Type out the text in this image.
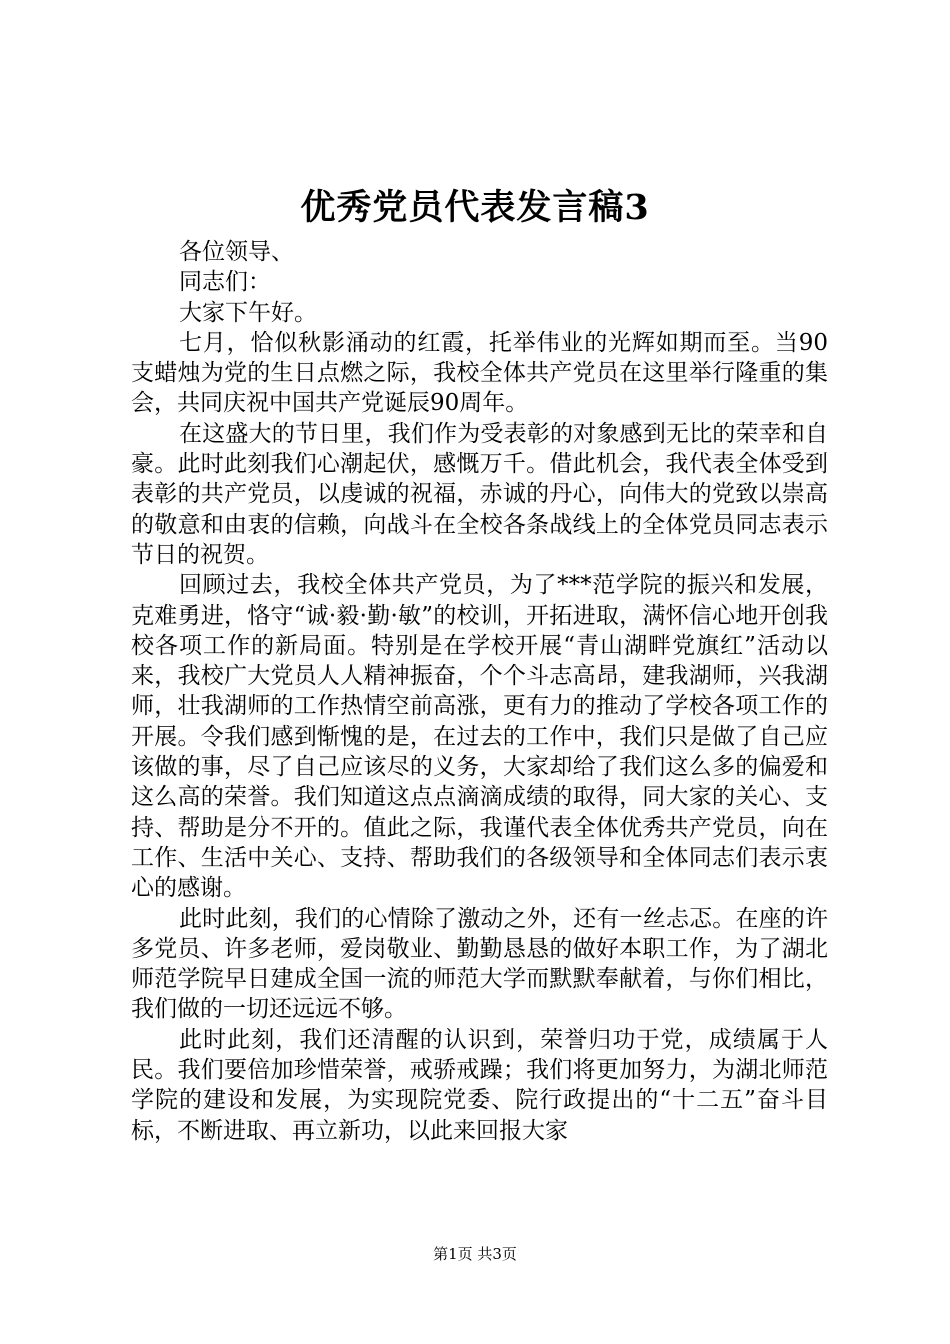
优秀党员代表发言稿3

各位领导、

同志们：

大家下午好。

七月，恰似秋影涌动的红霞，托举伟业的光辉如期而至。当90支蜡烛为党的生日点燃之际，我校全体共产党员在这里举行隆重的集会，共同庆祝中国共产党诞辰90周年。

在这盛大的节日里，我们作为受表彰的对象感到无比的荣幸和自豪。此时此刻我们心潮起伏，感慨万千。借此机会，我代表全体受到表彰的共产党员，以虔诚的祝福，赤诚的丹心，向伟大的党致以崇高的敬意和由衷的信赖，向战斗在全校各条战线上的全体党员同志表示节日的祝贺。

回顾过去，我校全体共产党员，为了***范学院的振兴和发展，克难勇进，恪守“诚·毅·勤·敏”的校训，开拓进取，满怀信心地开创我校各项工作的新局面。特别是在学校开展“青山湖畔党旗红”活动以来，我校广大党员人人精神振奋，个个斗志高昂，建我湖师，兴我湖师，壮我湖师的工作热情空前高涨，更有力的推动了学校各项工作的开展。令我们感到惭愧的是，在过去的工作中，我们只是做了自己应该做的事，尽了自己应该尽的义务，大家却给了我们这么多的偏爱和这么高的荣誉。我们知道这点点滴滴成绩的取得，同大家的关心、支持、帮助是分不开的。值此之际，我谨代表全体优秀共产党员，向在工作、生活中关心、支持、帮助我们的各级领导和全体同志们表示衷心的感谢。

此时此刻，我们的心情除了激动之外，还有一丝忐忑。在座的许多党员、许多老师，爱岗敬业、勤勤恳恳的做好本职工作，为了湖北师范学院早日建成全国一流的师范大学而默默奉献着，与你们相比，我们做的一切还远远不够。

此时此刻，我们还清醒的认识到，荣誉归功于党，成绩属于人民。我们要倍加珍惜荣誉，戒骄戒躁；我们将更加努力，为湖北师范学院的建设和发展，为实现院党委、院行政提出的“十二五”奋斗目标，不断进取、再立新功，以此来回报大家

第1页 共3页
